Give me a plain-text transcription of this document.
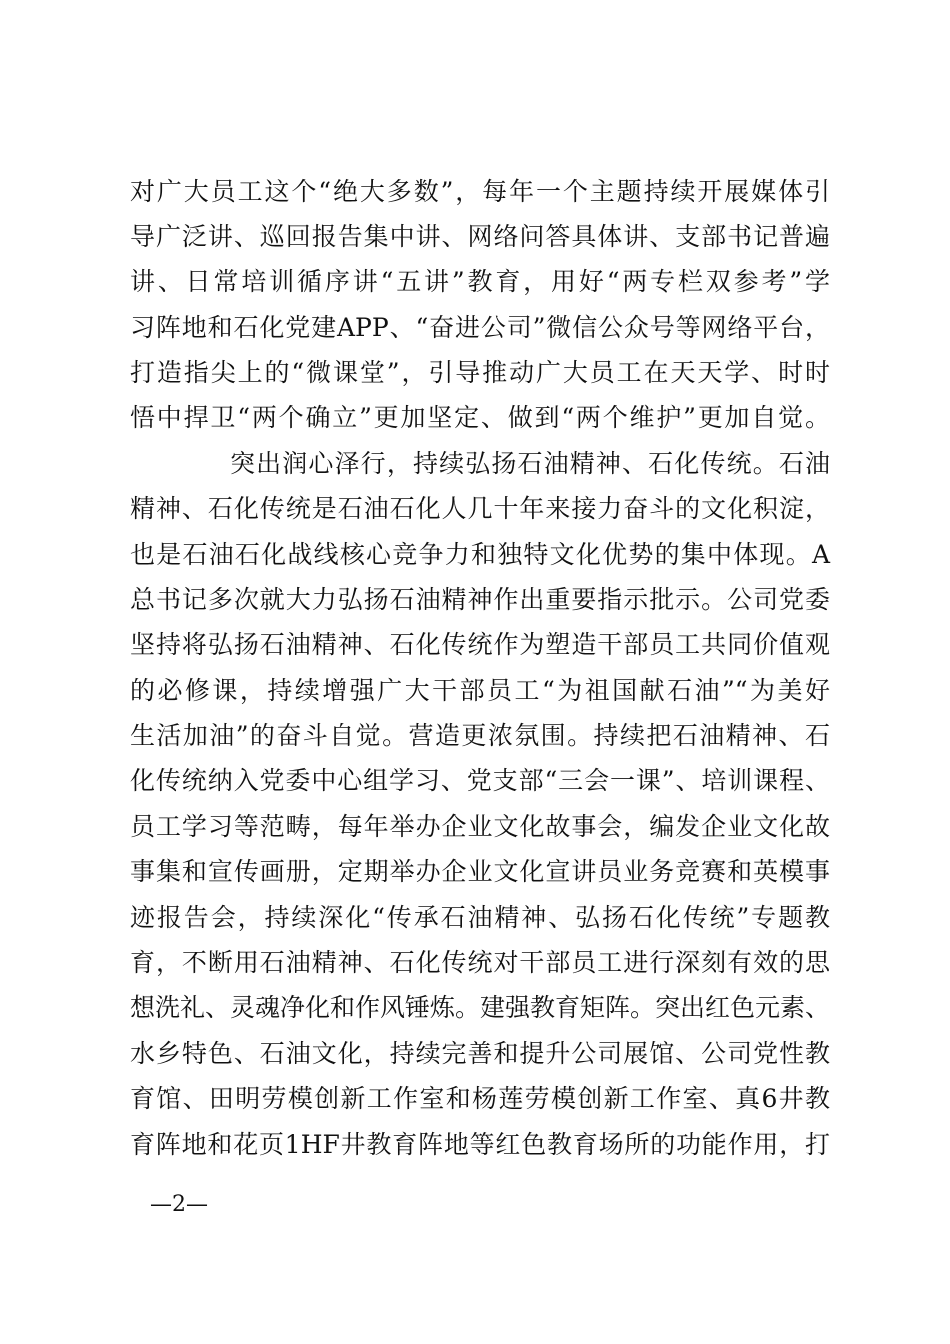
对广大员工这个“绝大多数”，每年一个主题持续开展媒体引
导广泛讲、巡回报告集中讲、网络问答具体讲、支部书记普遍
讲、日常培训循序讲“五讲”教育，用好“两专栏双参考”学
习阵地和石化党建APP、“奋进公司”微信公众号等网络平台，
打造指尖上的“微课堂”，引导推动广大员工在天天学、时时
悟中捍卫“两个确立”更加坚定、做到“两个维护”更加自觉。
突出润心泽行，持续弘扬石油精神、石化传统。石油
精神、石化传统是石油石化人几十年来接力奋斗的文化积淀，
也是石油石化战线核心竞争力和独特文化优势的集中体现。A
总书记多次就大力弘扬石油精神作出重要指示批示。公司党委
坚持将弘扬石油精神、石化传统作为塑造干部员工共同价值观
的必修课，持续增强广大干部员工“为祖国献石油”“为美好
生活加油”的奋斗自觉。营造更浓氛围。持续把石油精神、石
化传统纳入党委中心组学习、党支部“三会一课”、培训课程、
员工学习等范畴，每年举办企业文化故事会，编发企业文化故
事集和宣传画册，定期举办企业文化宣讲员业务竞赛和英模事
迹报告会，持续深化“传承石油精神、弘扬石化传统”专题教
育，不断用石油精神、石化传统对干部员工进行深刻有效的思
想洗礼、灵魂净化和作风锤炼。建强教育矩阵。突出红色元素、
水乡特色、石油文化，持续完善和提升公司展馆、公司党性教
育馆、田明劳模创新工作室和杨莲劳模创新工作室、真6井教
育阵地和花页1HF井教育阵地等红色教育场所的功能作用，打
—2—
